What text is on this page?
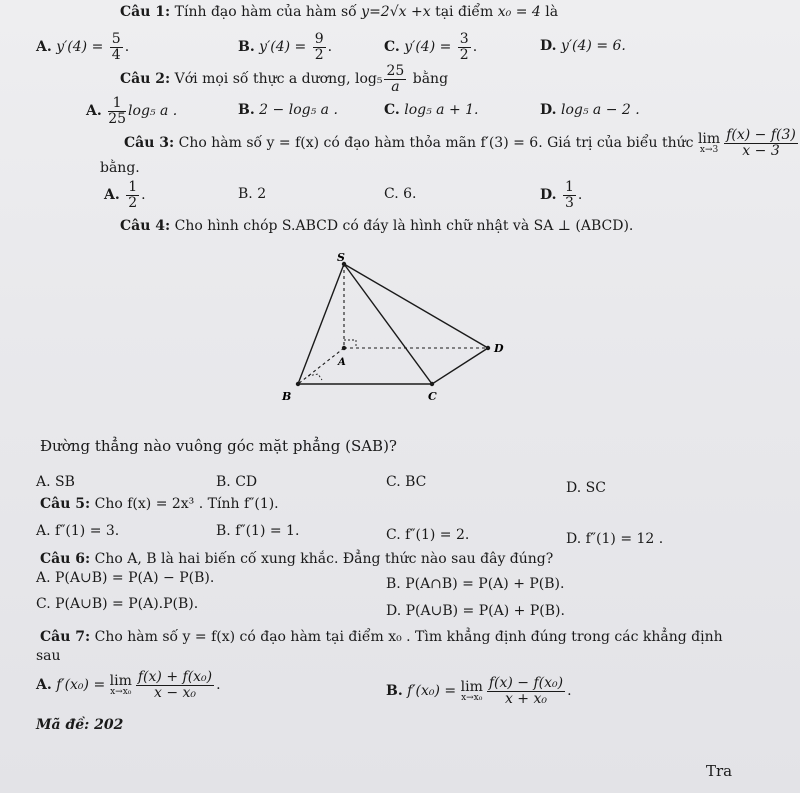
Câu 1: Tính đạo hàm của hàm số y=2√x +x tại điểm x₀ = 4 là
A. $y'(4) = \frac{5}{4}$ .	B. $y'(4) = \frac{9}{2}$ .	C. $y'(4) = \frac{3}{2}$ .	D. y′(4) = 6.
Câu 2: Với mọi số thực a dương, $\log_5 \frac{25}{a}$ bằng
A. $\frac{1}{25} \log_5$ a .	B. 2 − log₅ a .	C. log₅ a + 1.	D. log₅ a − 2 .
Câu 3: Cho hàm số y = f(x) có đạo hàm thỏa mãn f′(3) = 6. Giá trị của biểu thức lim
$x\to 3 \frac{f(x) - f(3)}{x - 3}$
bằng.
A. $\frac{1}{2}$ .	B. 2	C. 6.	D. $\frac{1}{3}$ .
Câu 4: Cho hình chóp S.ABCD có đáy là hình chữ nhật và SA ⊥ (ABCD).
S
A
B	C
D
Đường thẳng nào vuông góc mặt phẳng (SAB)?
A. SB	B. CD	C. BC	D. SC
Câu 5: Cho f(x) = 2x³ . Tính f″(1).
A. f″(1) = 3.	B. f″(1) = 1.	C. f″(1) = 2.	D. f″(1) = 12 .
Câu 6: Cho A, B là hai biến cố xung khắc. Đẳng thức nào sau đây đúng?
A. P(A∪B) = P(A) − P(B).	B. P(A∩B) = P(A) + P(B).
C. P(A∪B) = P(A).P(B).	D. P(A∪B) = P(A) + P(B).
Câu 7: Cho hàm số y = f(x) có đạo hàm tại điểm x₀ . Tìm khẳng định đúng trong các khẳng định
sau
A. f′(x₀) = lim
$x\to x_0 \frac{\text{f(x) + f(x₀)}}{\text{x − x₀}}$ .	B. f′(x₀) = lim
$x\to x_0 \frac{\text{f(x) − f(x₀)}}{\text{x + x₀}}$ .
Mã đề: 202
Tra
